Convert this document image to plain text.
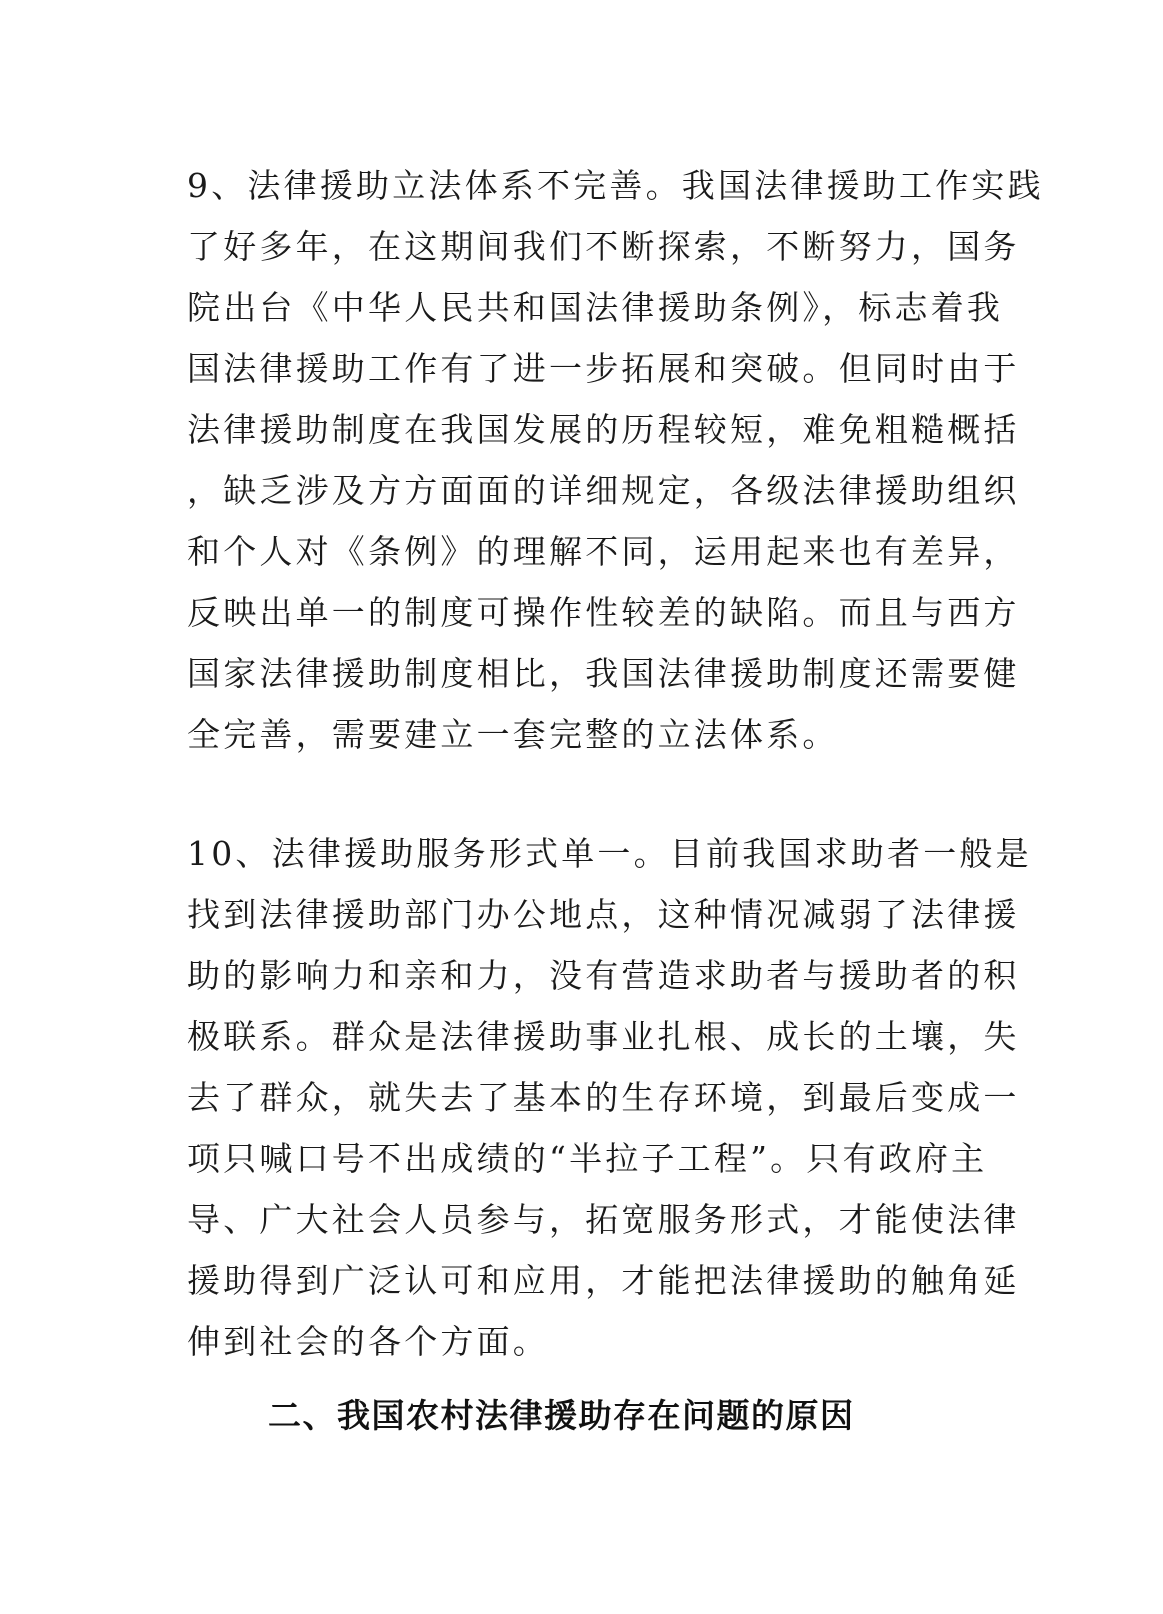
9、法律援助立法体系不完善。我国法律援助工作实践
了好多年，在这期间我们不断探索，不断努力，国务
院出台《中华人民共和国法律援助条例》，标志着我
国法律援助工作有了进一步拓展和突破。但同时由于
法律援助制度在我国发展的历程较短，难免粗糙概括
，缺乏涉及方方面面的详细规定，各级法律援助组织
和个人对《条例》的理解不同，运用起来也有差异，
反映出单一的制度可操作性较差的缺陷。而且与西方
国家法律援助制度相比，我国法律援助制度还需要健
全完善，需要建立一套完整的立法体系。
10、法律援助服务形式单一。目前我国求助者一般是
找到法律援助部门办公地点，这种情况减弱了法律援
助的影响力和亲和力，没有营造求助者与援助者的积
极联系。群众是法律援助事业扎根、成长的土壤，失
去了群众，就失去了基本的生存环境，到最后变成一
项只喊口号不出成绩的“半拉子工程”。只有政府主
导、广大社会人员参与，拓宽服务形式，才能使法律
援助得到广泛认可和应用，才能把法律援助的触角延
伸到社会的各个方面。
二、我国农村法律援助存在问题的原因
